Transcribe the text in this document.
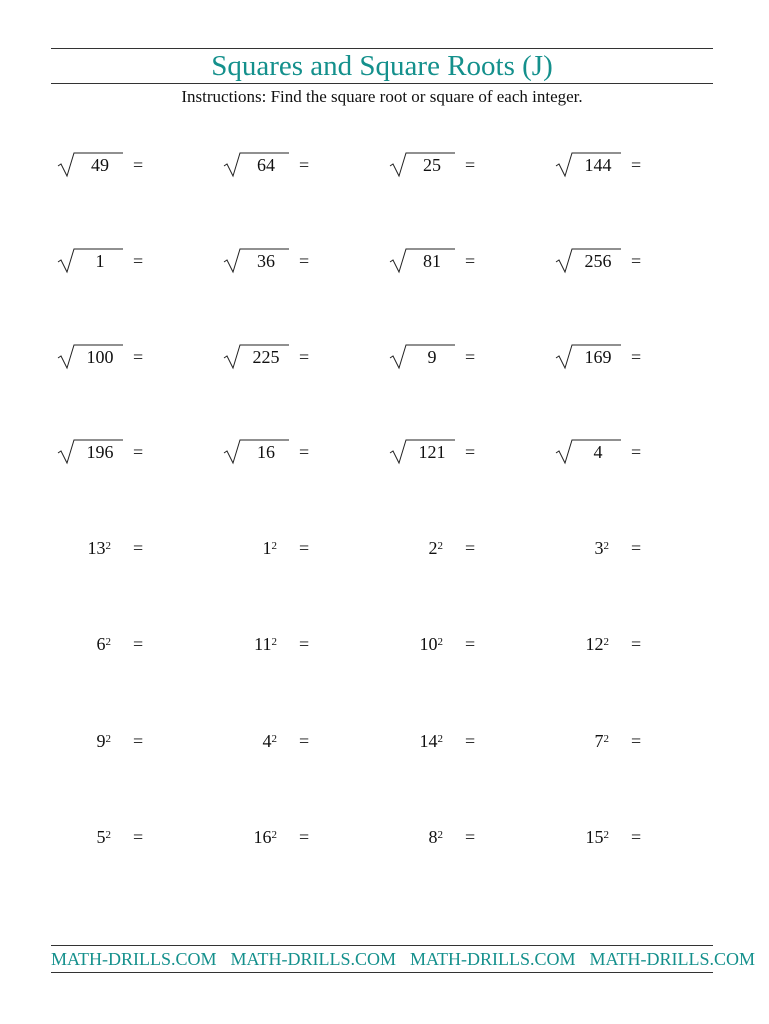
Squares and Square Roots (J)
Instructions: Find the square root or square of each integer.
49	=	64	=	25	=	144	=
1	=	36	=	81	=	256	=
100	=	225	=	9	=	169	=
196	=	16	=	121	=	4	=
$13^2$ =	$1^2$ =	$2^2$ =	$3^2$ =
$6^2$ =	$11^2$ =	$10^2$ =	$12^2$ =
$9^2$ =	$4^2$ =	$14^2$ =	$7^2$ =
$5^2$ =	$16^2$ =	$8^2$ =	$15^2$ =
MATH-DRILLS.COM MATH-DRILLS.COM MATH-DRILLS.COM MATH-DRILLS.COM
